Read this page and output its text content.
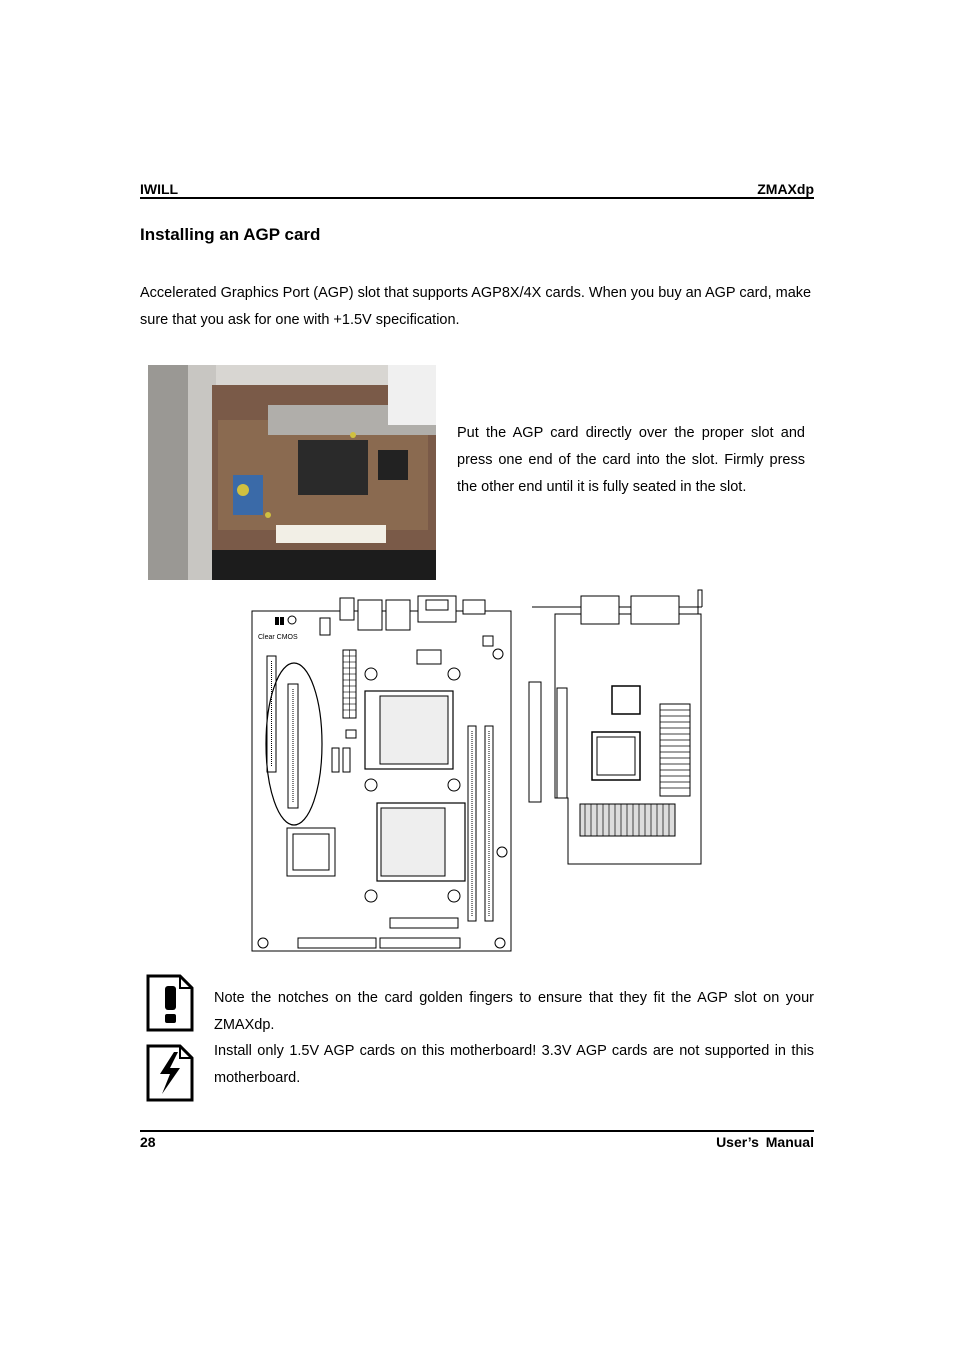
IWILL	ZMAXdp
Installing an AGP card
Accelerated Graphics Port (AGP) slot that supports AGP8X/4X cards. When you buy an AGP card, make sure that you ask for one with +1.5V specification.
Put the AGP card directly over the proper slot and press one end of the card into the slot. Firmly press the other end until it is fully seated in the slot.
Clear CMOS
Note the notches on the card golden fingers to ensure that they fit the AGP slot on your ZMAXdp.
Install only 1.5V AGP cards on this motherboard! 3.3V AGP cards are not supported in this motherboard.
28	User’s Manual
